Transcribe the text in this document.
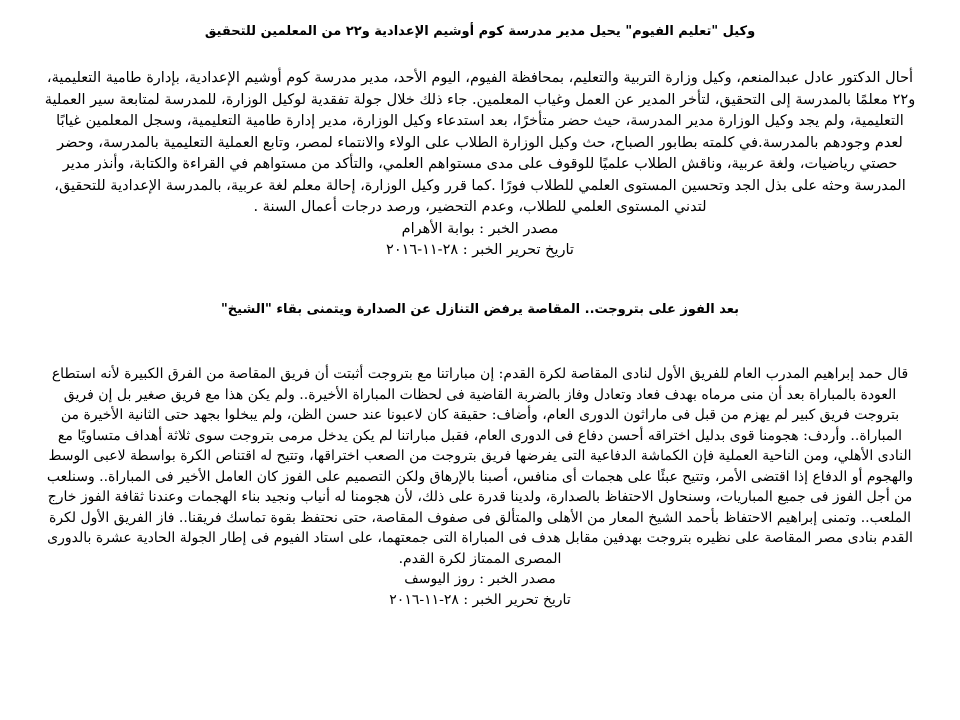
وكيل "تعليم الفيوم" يحيل مدير مدرسة كوم أوشيم الإعدادية و٢٢ من المعلمين للتحقيق

أحال الدكتور عادل عبدالمنعم، وكيل وزارة التربية والتعليم، بمحافظة الفيوم، اليوم الأحد، مدير مدرسة كوم أوشيم الإعدادية، بإدارة طامية التعليمية، و٢٢ معلمًا بالمدرسة إلى التحقيق، لتأخر المدير عن العمل وغياب المعلمين. جاء ذلك خلال جولة تفقدية لوكيل الوزارة، للمدرسة لمتابعة سير العملية التعليمية، ولم يجد وكيل الوزارة مدير المدرسة، حيث حضر متأخرًا، بعد استدعاء وكيل الوزارة، مدير إدارة طامية التعليمية، وسجل المعلمين غيابًا لعدم وجودهم بالمدرسة.في كلمته بطابور الصباح، حث وكيل الوزارة الطلاب على الولاء والانتماء لمصر، وتابع العملية التعليمية بالمدرسة، وحضر حصتي رياضيات، ولغة عربية، وناقش الطلاب علميًا للوقوف على مدى مستواهم العلمي، والتأكد من مستواهم في القراءة والكتابة، وأنذر مدير المدرسة وحثه على بذل الجد وتحسين المستوى العلمي للطلاب فورًا .كما قرر وكيل الوزارة، إحالة معلم لغة عربية، بالمدرسة الإعدادية للتحقيق، لتدني المستوى العلمي للطلاب، وعدم التحضير، ورصد درجات أعمال السنة .

مصدر الخبر : بوابة الأهرام

تاريخ تحرير الخبر : ٢٨-١١-٢٠١٦

بعد الفوز على بتروجت.. المقاصة يرفض التنازل عن الصدارة ويتمنى بقاء "الشيخ"

قال حمد إبراهيم المدرب العام للفريق الأول لنادى المقاصة لكرة القدم: إن مباراتنا مع بتروجت أثبتت أن فريق المقاصة من الفرق الكبيرة لأنه استطاع العودة بالمباراة بعد أن منى مرماه بهدف فعاد وتعادل وفاز بالضربة القاضية فى لحظات المباراة الأخيرة.. ولم يكن هذا مع فريق صغير بل إن فريق بتروجت فريق كبير لم يهزم من قبل فى ماراثون الدورى العام، وأضاف: حقيقة كان لاعبونا عند حسن الظن، ولم يبخلوا بجهد حتى الثانية الأخيرة من المباراة.. وأردف: هجومنا قوى بدليل اختراقه أحسن دفاع فى الدورى العام، فقبل مباراتنا لم يكن يدخل مرمى بتروجت سوى ثلاثة أهداف متساويًا مع النادى الأهلي، ومن الناحية العملية فإن الكماشة الدفاعية التى يفرضها فريق بتروجت من الصعب اختراقها، وتتيح له اقتناص الكرة بواسطة لاعبى الوسط والهجوم أو الدفاع إذا اقتضى الأمر، وتتيح عبئًا على هجمات أى منافس، أصبنا بالإرهاق ولكن التصميم على الفوز كان العامل الأخير فى المباراة.. وسنلعب من أجل الفوز فى جميع المباريات، وسنحاول الاحتفاظ بالصدارة، ولدينا قدرة على ذلك، لأن هجومنا له أنياب ونجيد بناء الهجمات وعندنا ثقافة الفوز خارج الملعب.. وتمنى إبراهيم الاحتفاظ بأحمد الشيخ المعار من الأهلى والمتألق فى صفوف المقاصة، حتى نحتفظ بقوة تماسك فريقنا.. فاز الفريق الأول لكرة القدم بنادى مصر المقاصة على نظيره بتروجت بهدفين مقابل هدف فى المباراة التى جمعتهما، على استاد الفيوم فى إطار الجولة الحادية عشرة بالدورى المصرى الممتاز لكرة القدم.

مصدر الخبر : روز اليوسف

تاريخ تحرير الخبر : ٢٨-١١-٢٠١٦
